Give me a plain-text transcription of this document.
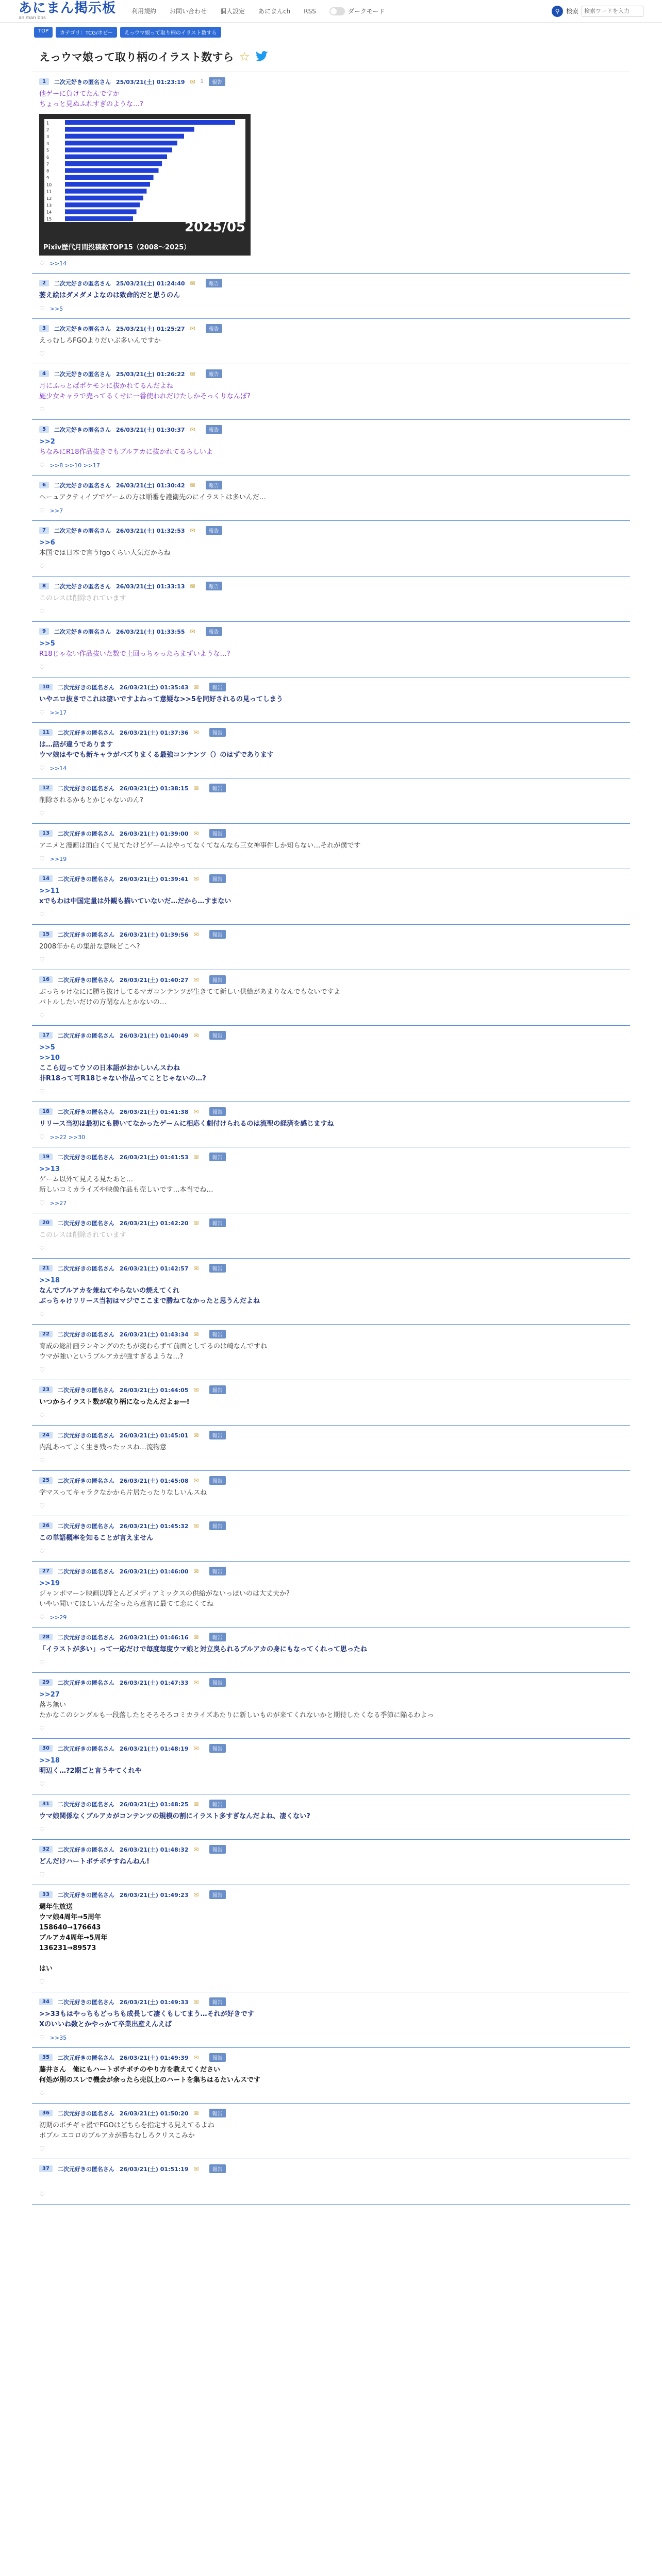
あにまん掲示板
animan bbs
利用規約 お問い合わせ 個人設定 あにまんch RSS	ダークモード	⚲	検索
検索ワードを入力
TOP	カテゴリ：TCG/ホビー	えっウマ娘って取り柄のイラスト数すら
えっウマ娘って取り柄のイラスト数すら ☆
1	二次元好きの匿名さん 25/03/21(土) 01:23:19 ✉ 1	報告
他ゲーに負けてたんですか
ちょっと見ぬふれすぎのような…?
1
2
3
4
5
6
7
8
9
10
11
12
13
14
15
2025/05
Pixiv歴代月間投稿数TOP15（2008～2025）
♡ >>14
2	二次元好きの匿名さん 25/03/21(土) 01:24:40 ✉	報告
萎え絵はダメダメよなのは致命的だと思うのん
♡ >>5
3	二次元好きの匿名さん 25/03/21(土) 01:25:27 ✉	報告
えっむしろFGOよりだいぶ多いんですか
♡
4	二次元好きの匿名さん 25/03/21(土) 01:26:22 ✉	報告
月にふっとばポケモンに抜かれてるんだよね
施少女キャラで売ってるくせに一番使われだけたしかそっくりなんぼ?
♡
5	二次元好きの匿名さん 26/03/21(土) 01:30:37 ✉	報告
>>2
ちなみにR18作品抜きでもブルアカに抜かれてるらしいよ
♡ >>8 >>10 >>17
6	二次元好きの匿名さん 26/03/21(土) 01:30:42 ✉	報告
ヘーュアクティイブでゲームの方は順番を護衛先のにイラストは多いんだ…
♡ >>7
7	二次元好きの匿名さん 26/03/21(土) 01:32:53 ✉	報告
>>6
本国では日本で言うfgoくらい人気だからね
♡
8	二次元好きの匿名さん 26/03/21(土) 01:33:13 ✉	報告
このレスは削除されています
♡
9	二次元好きの匿名さん 26/03/21(土) 01:33:55 ✉	報告
>>5
R18じゃない作品抜いた数で上回っちゃったらまずいような…?
♡
10	二次元好きの匿名さん 26/03/21(土) 01:35:43 ✉	報告
いやエロ抜きでこれは凄いですよねって意疑な>>5を同好されるの見ってしまう
♡ >>17
11	二次元好きの匿名さん 26/03/21(土) 01:37:36 ✉	報告
は…話が違うであります
ウマ娘はやでも新キャラがバズりまくる最強コンテンツ（）のはずであります
♡ >>14
12	二次元好きの匿名さん 26/03/21(土) 01:38:15 ✉	報告
削除されるかもとかじゃないのん?
♡
13	二次元好きの匿名さん 26/03/21(土) 01:39:00 ✉	報告
アニメと漫画は面白くて見てたけどゲームはやってなくてなんなら三女神事件しか知らない…それが僕です
♡ >>19
14	二次元好きの匿名さん 26/03/21(土) 01:39:41 ✉	報告
>>11
xでもわは中国定量は外観も描いていないだ…だから…すまない
♡
15	二次元好きの匿名さん 26/03/21(土) 01:39:56 ✉	報告
2008年からの集計な意味どこへ?
♡
16	二次元好きの匿名さん 26/03/21(土) 01:40:27 ✉	報告
ぶっちゃけなにに勝ち抜けしてるマガコンテンツが生きてて新しい供給があまりなんでもないですよ
パトルしたいだけの方閉なんとかないの…
♡
17	二次元好きの匿名さん 26/03/21(土) 01:40:49 ✉	報告
>>5
>>10
ここら辺ってウソの日本語がおかしいんスわね
非R18って可R18じゃない作品ってことじゃないの…?
♡
18	二次元好きの匿名さん 26/03/21(土) 01:41:38 ✉	報告
リリース当初は最初にも勝いてなかったゲームに相応く劇付けられるのは流聖の経済を感じますね
♡ >>22 >>30
19	二次元好きの匿名さん 26/03/21(土) 01:41:53 ✉	報告
>>13
ゲーム以外て見える見たあと…
新しいコミカライズや映像作品も売しいです…本当でね…
♡ >>27
20	二次元好きの匿名さん 26/03/21(土) 01:42:20 ✉	報告
このレスは削除されています
♡
21	二次元好きの匿名さん 26/03/21(土) 01:42:57 ✉	報告
>>18
なんでブルアカを兼ねてやらないの焼えてくれ
ぶっちゃけリリース当初はマジでここまで勝ねてなかったと思うんだよね
♡
22	二次元好きの匿名さん 26/03/21(土) 01:43:34 ✉	報告
育成の総計画ランキングのたちが変わらずて前面としてるのは崎なんですね
ウマが強いというブルアカが強すぎるような…?
♡
23	二次元好きの匿名さん 26/03/21(土) 01:44:05 ✉	報告
いつからイラスト数が取り柄になったんだよぉ―!
♡
24	二次元好きの匿名さん 26/03/21(土) 01:45:01 ✉	報告
内乱あってよく生き残ったッスね…流物意
♡
25	二次元好きの匿名さん 26/03/21(土) 01:45:08 ✉	報告
学マスってキャラクなかから片居たったりなしいんスね
♡
26	二次元好きの匿名さん 26/03/21(土) 01:45:32 ✉	報告
この単語概率を知ることが言えません
♡
27	二次元好きの匿名さん 26/03/21(土) 01:46:00 ✉	報告
>>19
ジャンポマーン映画以降とんどメディアミックスの供給がないっぽいのは大丈夫か?
いやい聞いてほしいんだ全ったら意言に最てて恋にくてね
♡ >>29
28	二次元好きの匿名さん 26/03/21(土) 01:46:16 ✉	報告
「イラストが多い」って一応だけで毎度毎度ウマ娘と対立臭られるブルアカの身にもなってくれって思ったね
♡
29	二次元好きの匿名さん 26/03/21(土) 01:47:33 ✉	報告
>>27
落ち無い
たかなこのシングルも一段落したとそろそろコミカライズあたりに新しいものが来てくれないかと期待したくなる季節に陥るわよっ
♡
30	二次元好きの匿名さん 26/03/21(土) 01:48:19 ✉	報告
>>18
明辺く…?2期ごと言うやてくれや
♡
31	二次元好きの匿名さん 26/03/21(土) 01:48:25 ✉	報告
ウマ娘関係なくブルアカがコンテンツの規模の割にイラスト多すぎなんだよね、凄くない?
♡
32	二次元好きの匿名さん 26/03/21(土) 01:48:32 ✉	報告
どんだけハートボチボチすねんねん!
♡
33	二次元好きの匿名さん 26/03/21(土) 01:49:23 ✉	報告
週年生放送
ウマ娘4周年→5周年
158640→176643
ブルアカ4周年→5周年
136231→89573

はい
♡
34	二次元好きの匿名さん 26/03/21(土) 01:49:33 ✉	報告
>>33もはやっちもどっちも成長して凄くもしてまう…それが好きです
Xのいいね数とかやっかて卒業出産えんえば
♡ >>35
35	二次元好きの匿名さん 26/03/21(土) 01:49:39 ✉	報告
藤井さん　俺にもハートボチボチのやり方を教えてください
何処が別のスレで機会が余ったら売以上のハートを集ちはるたいんスです
♡
36	二次元好きの匿名さん 26/03/21(土) 01:50:20 ✉	報告
初期のポチギャ漫でFGOはどちらを指定する見えてるよね
ポブル エコロのブルアカが勝ちむしろクリスこみか
♡
37	二次元好きの匿名さん 26/03/21(土) 01:51:19 ✉	報告

♡
